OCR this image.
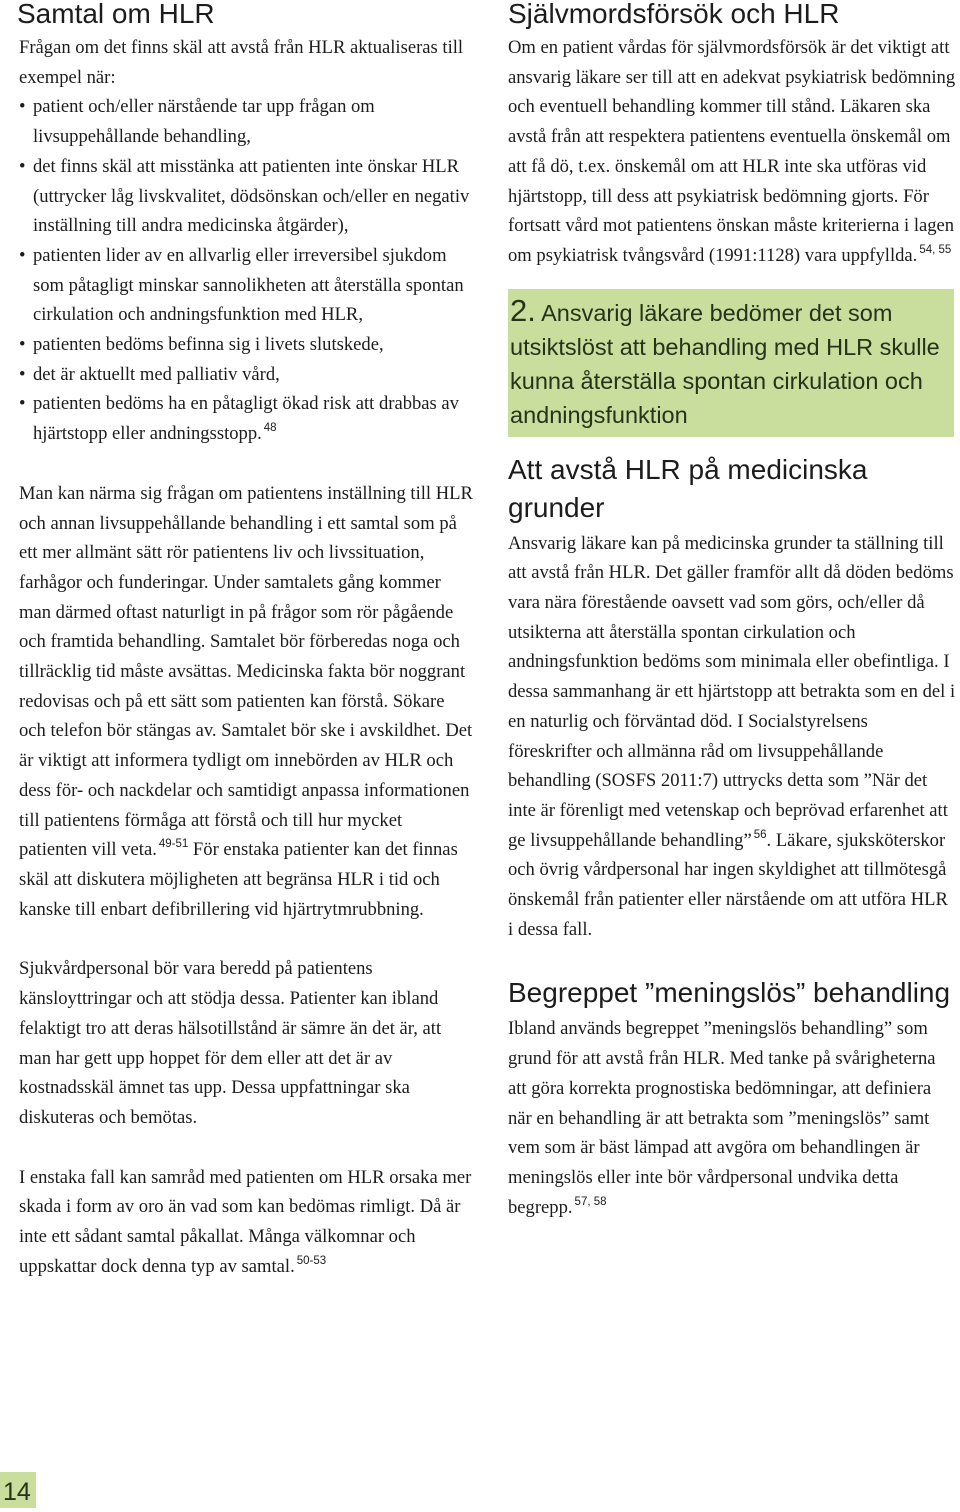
Samtal om HLR

Frågan om det finns skäl att avstå från HLR aktualiseras till exempel när:

• patient och/eller närstående tar upp frågan om livsuppehållande behandling,
• det finns skäl att misstänka att patienten inte önskar HLR (uttrycker låg livskvalitet, dödsönskan och/eller en negativ inställning till andra medicinska åtgärder),
• patienten lider av en allvarlig eller irreversibel sjukdom som påtagligt minskar sannolikheten att återställa spontan cirkulation och andningsfunktion med HLR,
• patienten bedöms befinna sig i livets slutskede,
• det är aktuellt med palliativ vård,
• patienten bedöms ha en påtagligt ökad risk att drabbas av hjärtstopp eller andningsstopp. $^{48}$

Man kan närma sig frågan om patientens inställning till HLR och annan livsuppehållande behandling i ett samtal som på ett mer allmänt sätt rör patientens liv och livssituation, farhågor och funderingar. Under samtalets gång kommer man därmed oftast naturligt in på frågor som rör pågående och framtida behandling. Samtalet bör förberedas noga och tillräcklig tid måste avsättas. Medicinska fakta bör noggrant redovisas och på ett sätt som patienten kan förstå. Sökare och telefon bör stängas av. Samtalet bör ske i avskildhet. Det är viktigt att informera tydligt om innebörden av HLR och dess för- och nackdelar och samtidigt anpassa informationen till patientens förmåga att förstå och till hur mycket patienten vill veta. $^{49-51}$ För enstaka patienter kan det finnas skäl att diskutera möjligheten att begränsa HLR i tid och kanske till enbart defibrillering vid hjärtrytmrubbning.

Sjukvårdpersonal bör vara beredd på patientens känsloyttringar och att stödja dessa. Patienter kan ibland felaktigt tro att deras hälsotillstånd är sämre än det är, att man har gett upp hoppet för dem eller att det är av kostnadsskäl ämnet tas upp. Dessa uppfattningar ska diskuteras och bemötas.

I enstaka fall kan samråd med patienten om HLR orsaka mer skada i form av oro än vad som kan bedömas rimligt. Då är inte ett sådant samtal påkallat. Många välkomnar och uppskattar dock denna typ av samtal. $^{50-53}$

Självmordsförsök och HLR

Om en patient vårdas för självmordsförsök är det viktigt att ansvarig läkare ser till att en adekvat psykiatrisk bedömning och eventuell behandling kommer till stånd. Läkaren ska avstå från att respektera patientens eventuella önskemål om att få dö, t.ex. önskemål om att HLR inte ska utföras vid hjärtstopp, till dess att psykiatrisk bedömning gjorts. För fortsatt vård mot patientens önskan måste kriterierna i lagen om psykiatrisk tvångsvård (1991:1128) vara uppfyllda. $^{54, 55}$

2. Ansvarig läkare bedömer det som utsiktslöst att behandling med HLR skulle kunna återställa spontan cirkulation och andningsfunktion
Att avstå HLR på medicinska grunder

Ansvarig läkare kan på medicinska grunder ta ställning till att avstå från HLR. Det gäller framför allt då döden bedöms vara nära förestående oavsett vad som görs, och/eller då utsikterna att återställa spontan cirkulation och andningsfunktion bedöms som minimala eller obefintliga. I dessa sammanhang är ett hjärtstopp att betrakta som en del i en naturlig och förväntad död. I Socialstyrelsens föreskrifter och allmänna råd om livsuppehållande behandling (SOSFS 2011:7) uttrycks detta som ”När det inte är förenligt med vetenskap och beprövad erfarenhet att ge livsuppehållande behandling” $^{56}$. Läkare, sjuksköterskor och övrig vårdpersonal har ingen skyldighet att tillmötesgå önskemål från patienter eller närstående om att utföra HLR i dessa fall.

Begreppet ”meningslös” behandling

Ibland används begreppet ”meningslös behandling” som grund för att avstå från HLR. Med tanke på svårigheterna att göra korrekta prognostiska bedömningar, att definiera när en behandling är att betrakta som ”meningslös” samt vem som är bäst lämpad att avgöra om behandlingen är meningslös eller inte bör vårdpersonal undvika detta begrepp. $^{57, 58}$

14
